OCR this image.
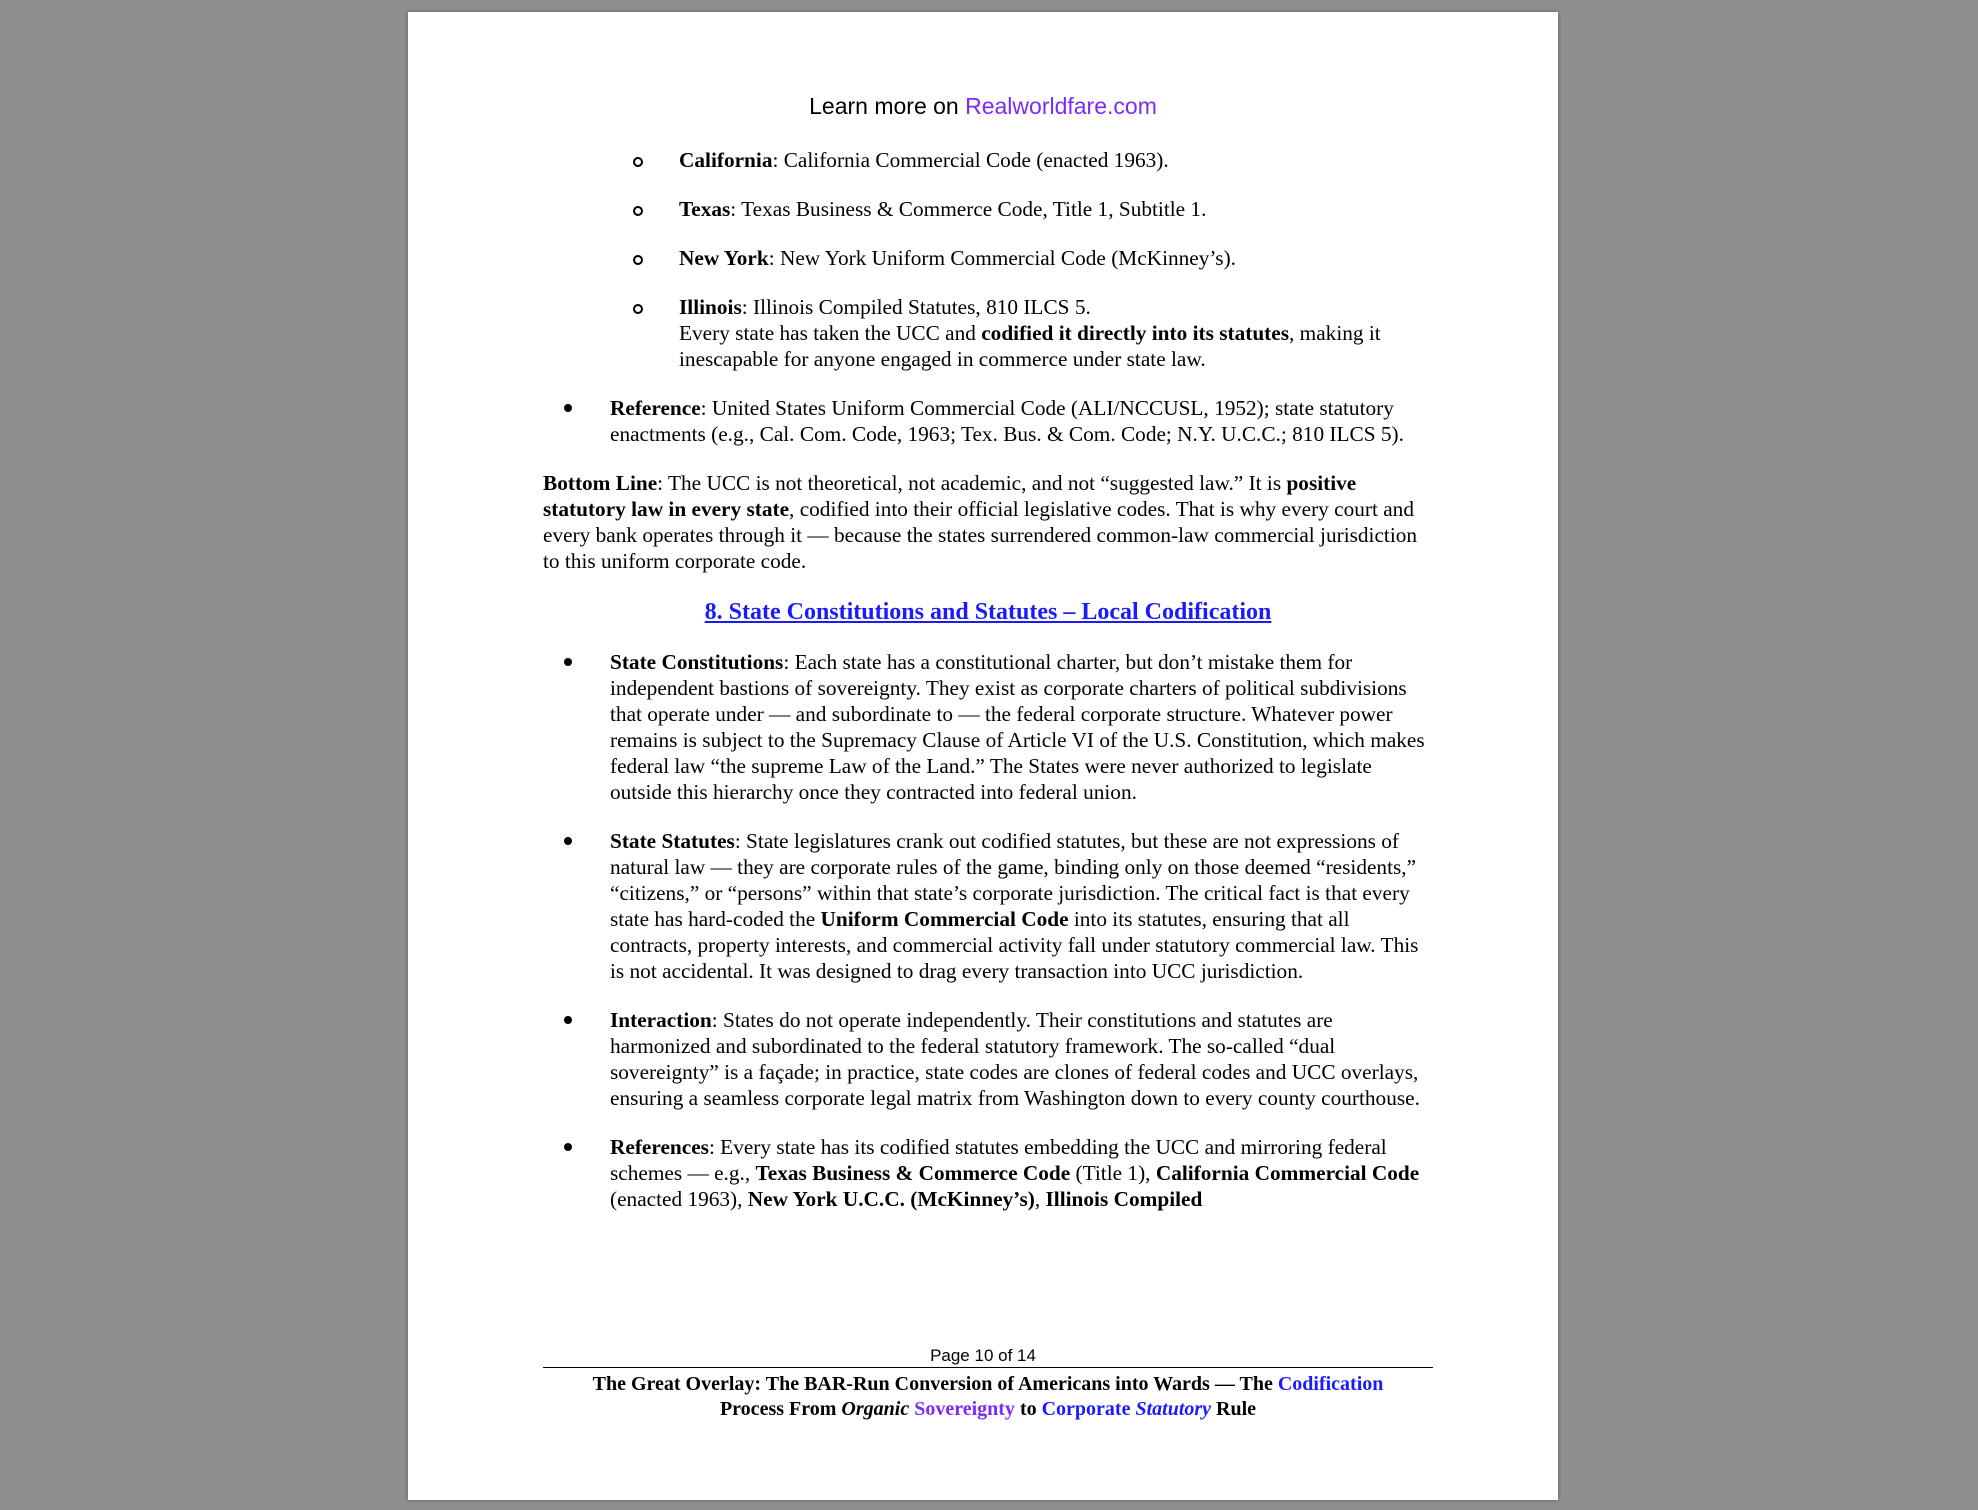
Learn more on Realworldfare.com
California: California Commercial Code (enacted 1963).
Texas: Texas Business & Commerce Code, Title 1, Subtitle 1.
New York: New York Uniform Commercial Code (McKinney’s).
Illinois: Illinois Compiled Statutes, 810 ILCS 5.
Every state has taken the UCC and codified it directly into its statutes, making it inescapable for anyone engaged in commerce under state law.
Reference: United States Uniform Commercial Code (ALI/NCCUSL, 1952); state statutory enactments (e.g., Cal. Com. Code, 1963; Tex. Bus. & Com. Code; N.Y. U.C.C.; 810 ILCS 5).

Bottom Line: The UCC is not theoretical, not academic, and not “suggested law.” It is positive statutory law in every state, codified into their official legislative codes. That is why every court and every bank operates through it — because the states surrendered common-law commercial jurisdiction to this uniform corporate code.

8. State Constitutions and Statutes – Local Codification
State Constitutions: Each state has a constitutional charter, but don’t mistake them for independent bastions of sovereignty. They exist as corporate charters of political subdivisions that operate under — and subordinate to — the federal corporate structure. Whatever power remains is subject to the Supremacy Clause of Article VI of the U.S. Constitution, which makes federal law “the supreme Law of the Land.” The States were never authorized to legislate outside this hierarchy once they contracted into federal union.
State Statutes: State legislatures crank out codified statutes, but these are not expressions of natural law — they are corporate rules of the game, binding only on those deemed “residents,” “citizens,” or “persons” within that state’s corporate jurisdiction. The critical fact is that every state has hard-coded the Uniform Commercial Code into its statutes, ensuring that all contracts, property interests, and commercial activity fall under statutory commercial law. This is not accidental. It was designed to drag every transaction into UCC jurisdiction.
Interaction: States do not operate independently. Their constitutions and statutes are harmonized and subordinated to the federal statutory framework. The so-called “dual sovereignty” is a façade; in practice, state codes are clones of federal codes and UCC overlays, ensuring a seamless corporate legal matrix from Washington down to every county courthouse.
References: Every state has its codified statutes embedding the UCC and mirroring federal schemes — e.g., Texas Business & Commerce Code (Title 1), California Commercial Code (enacted 1963), New York U.C.C. (McKinney’s), Illinois Compiled
Page 10 of 14
The Great Overlay: The BAR-Run Conversion of Americans into Wards — The Codification
Process From Organic Sovereignty to Corporate Statutory Rule
